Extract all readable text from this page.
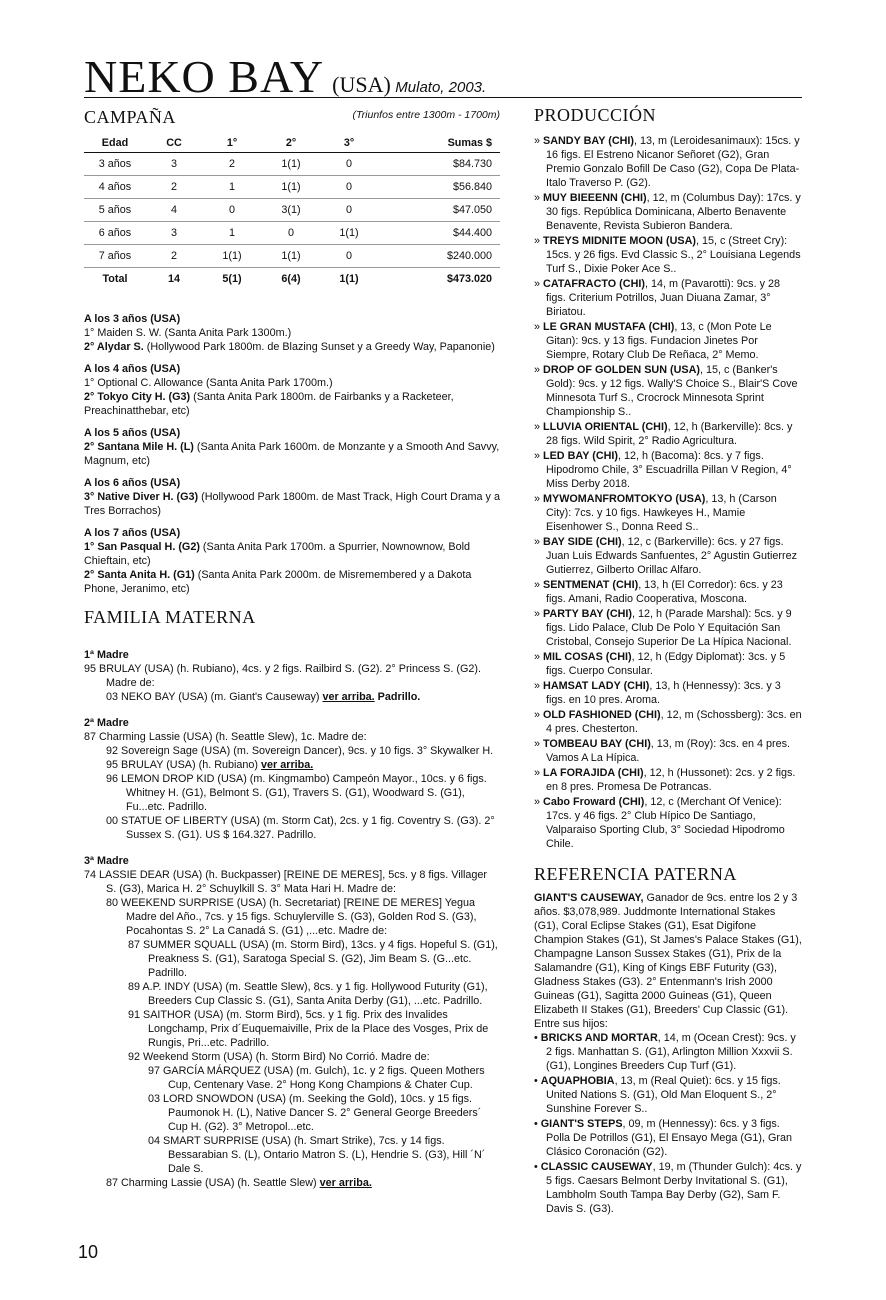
NEKO BAY (USA) Mulato, 2003.
CAMPAÑA	(Triunfos entre 1300m - 1700m)
Edad	CC	1°	2°	3°	Sumas $
3 años	3	2	1(1)	0	$84.730
4 años	2	1	1(1)	0	$56.840
5 años	4	0	3(1)	0	$47.050
6 años	3	1	0	1(1)	$44.400
7 años	2	1(1)	1(1)	0	$240.000
Total	14	5(1)	6(4)	1(1)	$473.020
A los 3 años (USA)
1° Maiden S. W. (Santa Anita Park 1300m.)
2° Alydar S. (Hollywood Park 1800m. de Blazing Sunset y a Greedy Way, Papanonie)
A los 4 años (USA)
1° Optional C. Allowance (Santa Anita Park 1700m.)
2° Tokyo City H. (G3) (Santa Anita Park 1800m. de Fairbanks y a Racketeer, Preachinatthebar, etc)
A los 5 años (USA)
2° Santana Mile H. (L) (Santa Anita Park 1600m. de Monzante y a Smooth And Savvy, Magnum, etc)
A los 6 años (USA)
3° Native Diver H. (G3) (Hollywood Park 1800m. de Mast Track, High Court Drama y a Tres Borrachos)
A los 7 años (USA)
1° San Pasqual H. (G2) (Santa Anita Park 1700m. a Spurrier, Nownownow, Bold Chieftain, etc)
2° Santa Anita H. (G1) (Santa Anita Park 2000m. de Misremembered y a Dakota Phone, Jeranimo, etc)
FAMILIA MATERNA
1ª Madre
95 BRULAY (USA) (h. Rubiano), 4cs. y 2 figs. Railbird S. (G2). 2° Princess S. (G2). Madre de:
03 NEKO BAY (USA) (m. Giant's Causeway) ver arriba. Padrillo.
2ª Madre
87 Charming Lassie (USA) (h. Seattle Slew), 1c. Madre de:
92 Sovereign Sage (USA) (m. Sovereign Dancer), 9cs. y 10 figs. 3° Skywalker H.
95 BRULAY (USA) (h. Rubiano) ver arriba.
96 LEMON DROP KID (USA) (m. Kingmambo) Campeón Mayor., 10cs. y 6 figs. Whitney H. (G1), Belmont S. (G1), Travers S. (G1), Woodward S. (G1), Fu...etc. Padrillo.
00 STATUE OF LIBERTY (USA) (m. Storm Cat), 2cs. y 1 fig. Coventry S. (G3). 2° Sussex S. (G1). US $ 164.327. Padrillo.
3ª Madre
74 LASSIE DEAR (USA) (h. Buckpasser) [REINE DE MERES], 5cs. y 8 figs. Villager S. (G3), Marica H. 2° Schuylkill S. 3° Mata Hari H. Madre de:
80 WEEKEND SURPRISE (USA) (h. Secretariat) [REINE DE MERES] Yegua Madre del Año., 7cs. y 15 figs. Schuylerville S. (G3), Golden Rod S. (G3), Pocahontas S. 2° La Canadá S. (G1) ,...etc. Madre de:
87 SUMMER SQUALL (USA) (m. Storm Bird), 13cs. y 4 figs. Hopeful S. (G1), Preakness S. (G1), Saratoga Special S. (G2), Jim Beam S. (G...etc. Padrillo.
89 A.P. INDY (USA) (m. Seattle Slew), 8cs. y 1 fig. Hollywood Futurity (G1), Breeders Cup Classic S. (G1), Santa Anita Derby (G1), ...etc. Padrillo.
91 SAITHOR (USA) (m. Storm Bird), 5cs. y 1 fig. Prix des Invalides Longchamp, Prix d´Euquemaiville, Prix de la Place des Vosges, Prix de Rungis, Pri...etc. Padrillo.
92 Weekend Storm (USA) (h. Storm Bird) No Corrió. Madre de:
97 GARCÍA MÁRQUEZ (USA) (m. Gulch), 1c. y 2 figs. Queen Mothers Cup, Centenary Vase. 2° Hong Kong Champions & Chater Cup.
03 LORD SNOWDON (USA) (m. Seeking the Gold), 10cs. y 15 figs. Paumonok H. (L), Native Dancer S. 2° General George Breeders´ Cup H. (G2). 3° Metropol...etc.
04 SMART SURPRISE (USA) (h. Smart Strike), 7cs. y 14 figs. Bessarabian S. (L), Ontario Matron S. (L), Hendrie S. (G3), Hill ´N´ Dale S.
87 Charming Lassie (USA) (h. Seattle Slew) ver arriba.
PRODUCCIÓN
» SANDY BAY (CHI), 13, m (Leroidesanimaux): 15cs. y 16 figs. El Estreno Nicanor Señoret (G2), Gran Premio Gonzalo Bofill De Caso (G2), Copa De Plata-Italo Traverso P. (G2).
» MUY BIEEENN (CHI), 12, m (Columbus Day): 17cs. y 30 figs. República Dominicana, Alberto Benavente Benavente, Revista Subieron Bandera.
» TREYS MIDNITE MOON (USA), 15, c (Street Cry): 15cs. y 26 figs. Evd Classic S., 2° Louisiana Legends Turf S., Dixie Poker Ace S..
» CATAFRACTO (CHI), 14, m (Pavarotti): 9cs. y 28 figs. Criterium Potrillos, Juan Diuana Zamar, 3° Biriatou.
» LE GRAN MUSTAFA (CHI), 13, c (Mon Pote Le Gitan): 9cs. y 13 figs. Fundacion Jinetes Por Siempre, Rotary Club De Reñaca, 2° Memo.
» DROP OF GOLDEN SUN (USA), 15, c (Banker's Gold): 9cs. y 12 figs. Wally'S Choice S., Blair'S Cove Minnesota Turf S., Crocrock Minnesota Sprint Championship S..
» LLUVIA ORIENTAL (CHI), 12, h (Barkerville): 8cs. y 28 figs. Wild Spirit, 2° Radio Agricultura.
» LED BAY (CHI), 12, h (Bacoma): 8cs. y 7 figs. Hipodromo Chile, 3° Escuadrilla Pillan V Region, 4° Miss Derby 2018.
» MYWOMANFROMTOKYO (USA), 13, h (Carson City): 7cs. y 10 figs. Hawkeyes H., Mamie Eisenhower S., Donna Reed S..
» BAY SIDE (CHI), 12, c (Barkerville): 6cs. y 27 figs. Juan Luis Edwards Sanfuentes, 2° Agustin Gutierrez Gutierrez, Gilberto Orillac Alfaro.
» SENTMENAT (CHI), 13, h (El Corredor): 6cs. y 23 figs. Amani, Radio Cooperativa, Moscona.
» PARTY BAY (CHI), 12, h (Parade Marshal): 5cs. y 9 figs. Lido Palace, Club De Polo Y Equitación San Cristobal, Consejo Superior De La Hípica Nacional.
» MIL COSAS (CHI), 12, h (Edgy Diplomat): 3cs. y 5 figs. Cuerpo Consular.
» HAMSAT LADY (CHI), 13, h (Hennessy): 3cs. y 3 figs. en 10 pres. Aroma.
» OLD FASHIONED (CHI), 12, m (Schossberg): 3cs. en 4 pres. Chesterton.
» TOMBEAU BAY (CHI), 13, m (Roy): 3cs. en 4 pres. Vamos A La Hípica.
» LA FORAJIDA (CHI), 12, h (Hussonet): 2cs. y 2 figs. en 8 pres. Promesa De Potrancas.
» Cabo Froward (CHI), 12, c (Merchant Of Venice): 17cs. y 46 figs. 2° Club Hípico De Santiago, Valparaiso Sporting Club, 3° Sociedad Hipodromo Chile.
REFERENCIA PATERNA
GIANT'S CAUSEWAY, Ganador de 9cs. entre los 2 y 3 años. $3,078,989. Juddmonte International Stakes (G1), Coral Eclipse Stakes (G1), Esat Digifone Champion Stakes (G1), St James's Palace Stakes (G1), Champagne Lanson Sussex Stakes (G1), Prix de la Salamandre (G1), King of Kings EBF Futurity (G3), Gladness Stakes (G3). 2° Entenmann's Irish 2000 Guineas (G1), Sagitta 2000 Guineas (G1), Queen Elizabeth II Stakes (G1), Breeders' Cup Classic (G1). Entre sus hijos:
• BRICKS AND MORTAR, 14, m (Ocean Crest): 9cs. y 2 figs. Manhattan S. (G1), Arlington Million Xxxvii S. (G1), Longines Breeders Cup Turf (G1).
• AQUAPHOBIA, 13, m (Real Quiet): 6cs. y 15 figs. United Nations S. (G1), Old Man Eloquent S., 2° Sunshine Forever S..
• GIANT'S STEPS, 09, m (Hennessy): 6cs. y 3 figs. Polla De Potrillos (G1), El Ensayo Mega (G1), Gran Clásico Coronación (G2).
• CLASSIC CAUSEWAY, 19, m (Thunder Gulch): 4cs. y 5 figs. Caesars Belmont Derby Invitational S. (G1), Lambholm South Tampa Bay Derby (G2), Sam F. Davis S. (G3).
10
